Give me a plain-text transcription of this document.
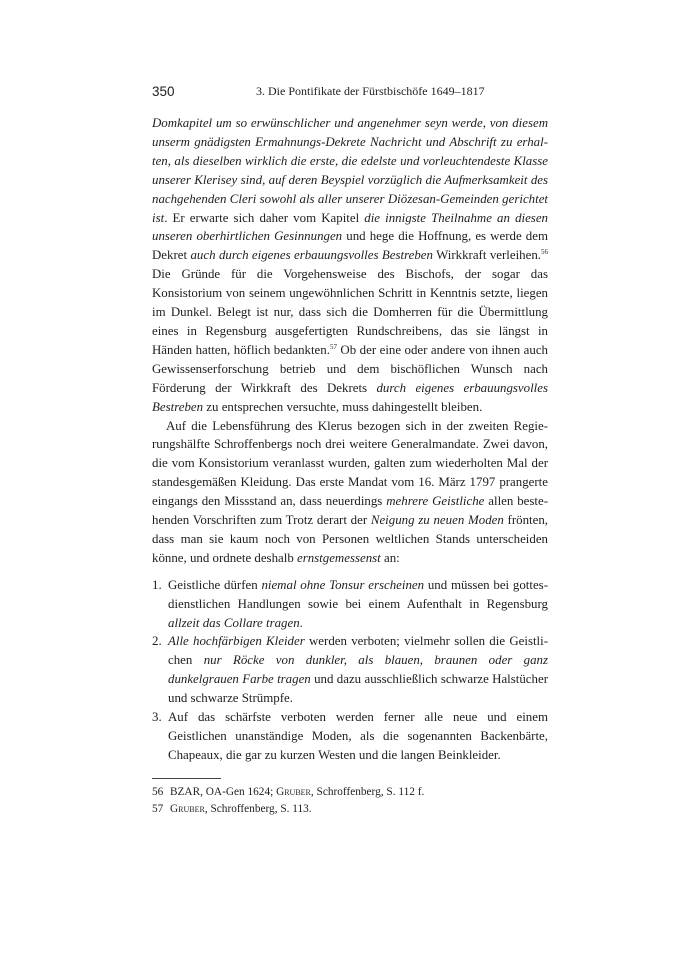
350	3. Die Pontifikate der Fürstbischöfe 1649–1817

Domkapitel um so erwünschlicher und angenehmer seyn werde, von diesem unserm gnädigsten Ermahnungs-Dekrete Nachricht und Abschrift zu erhalten, als dieselben wirklich die erste, die edelste und vorleuchtendeste Klasse unserer Klerisey sind, auf deren Beyspiel vorzüglich die Aufmerksamkeit des nachgehenden Cleri sowohl als aller unserer Diözesan-Gemeinden gerichtet ist. Er erwarte sich daher vom Kapitel die innigste Theilnahme an diesen unseren oberhirtlichen Gesinnungen und hege die Hoffnung, es werde dem Dekret auch durch eigenes erbauungsvolles Bestreben Wirkkraft verleihen.$^{56}$ Die Gründe für die Vorgehensweise des Bischofs, der sogar das Konsistorium von seinem ungewöhnlichen Schritt in Kenntnis setzte, liegen im Dunkel. Belegt ist nur, dass sich die Domherren für die Übermittlung eines in Regensburg ausgefertigten Rundschreibens, das sie längst in Händen hatten, höflich bedankten.$^{57}$ Ob der eine oder andere von ihnen auch Gewissenserforschung betrieb und dem bischöflichen Wunsch nach Förderung der Wirkkraft des Dekrets durch eigenes erbauungsvolles Bestreben zu entsprechen versuchte, muss dahingestellt bleiben.

Auf die Lebensführung des Klerus bezogen sich in der zweiten Regierungshälfte Schroffenbergs noch drei weitere Generalmandate. Zwei davon, die vom Konsistorium veranlasst wurden, galten zum wiederholten Mal der standesgemäßen Kleidung. Das erste Mandat vom 16. März 1797 prangerte eingangs den Missstand an, dass neuerdings mehrere Geistliche allen bestehenden Vorschriften zum Trotz derart der Neigung zu neuen Moden frönten, dass man sie kaum noch von Personen weltlichen Stands unterscheiden könne, und ordnete deshalb ernstgemessenst an:

1. Geistliche dürfen niemal ohne Tonsur erscheinen und müssen bei gottesdienstlichen Handlungen sowie bei einem Aufenthalt in Regensburg allzeit das Collare tragen.
2. Alle hochfärbigen Kleider werden verboten; vielmehr sollen die Geistlichen nur Röcke von dunkler, als blauen, braunen oder ganz dunkelgrauen Farbe tragen und dazu ausschließlich schwarze Halstücher und schwarze Strümpfe.
3. Auf das schärfste verboten werden ferner alle neue und einem Geistlichen unanständige Moden, als die sogenannten Backenbärte, Chapeaux, die gar zu kurzen Westen und die langen Beinkleider.
56 BZAR, OA-Gen 1624; Gruber, Schroffenberg, S. 112 f.
57 Gruber, Schroffenberg, S. 113.
